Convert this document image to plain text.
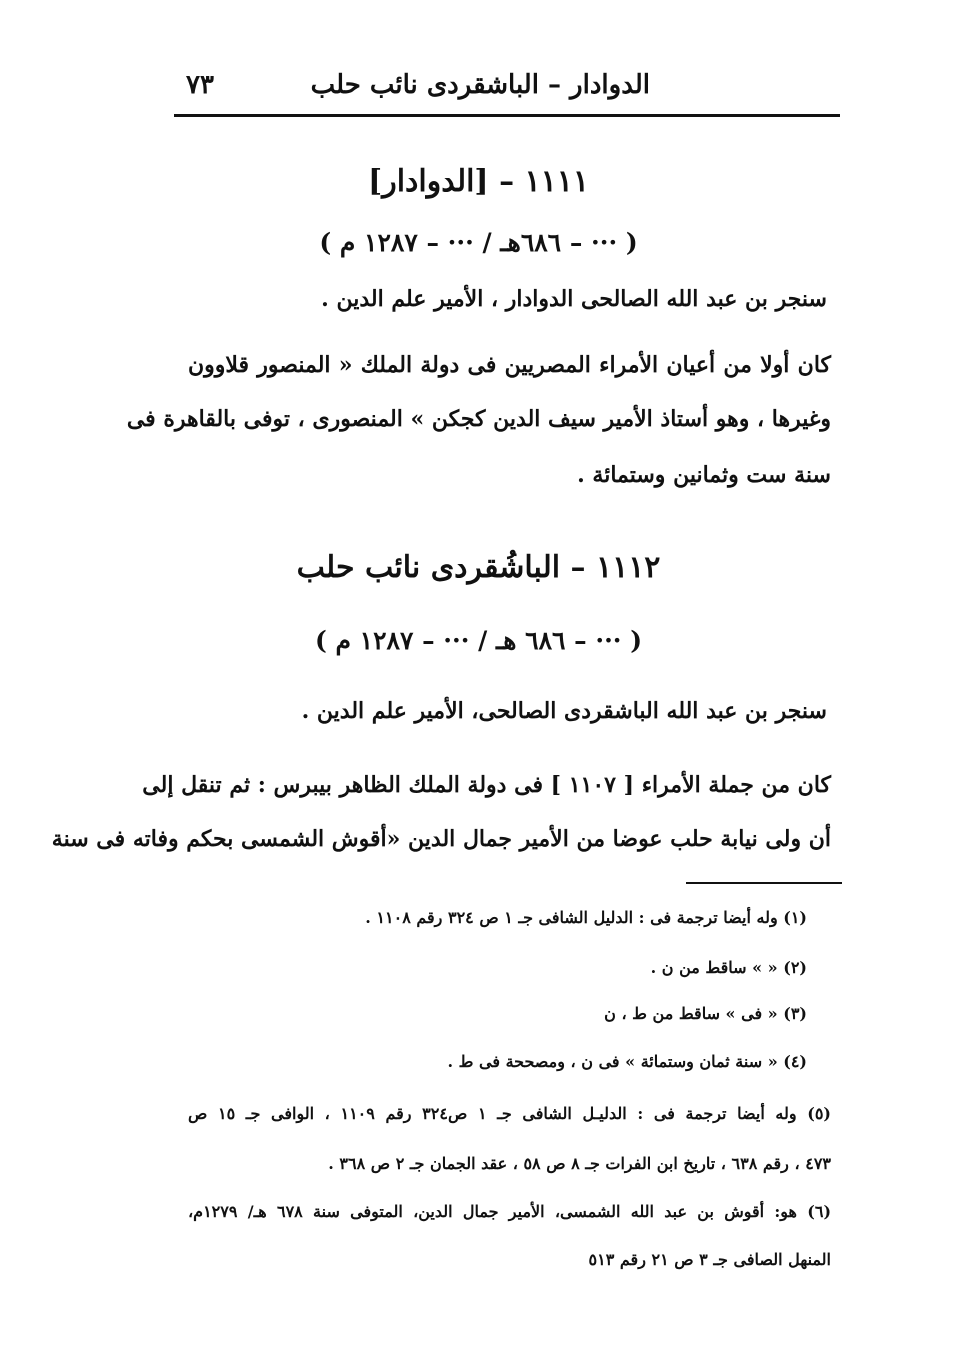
الدوادار – الباشقردى نائب حلب
٧٣
١١١١ – [الدوادار]
( ··· – ٦٨٦هـ / ··· – ١٢٨٧ م )
سنجر بن عبد الله الصالحى الدوادار ، الأمير علم الدين .
كان أولا من أعيان الأمراء المصريين فى دولة الملك « المنصور قلاوون
وغيرها ، وهو أستاذ الأمير سيف الدين كجكن » المنصورى ، توفى بالقاهرة فى
سنة ست وثمانين وستمائة .
١١١٢ – الباشُقردى نائب حلب
( ··· – ٦٨٦ هـ / ··· – ١٢٨٧ م )
سنجر بن عبد الله الباشقردى الصالحى، الأمير علم الدين .
كان من جملة الأمراء [ ١١٠٧ ] فى دولة الملك الظاهر بيبرس : ثم تنقل إلى
أن ولى نيابة حلب عوضا من الأمير جمال الدين «أقوش الشمسى بحكم وفاته فى سنة
(١) وله أيضا ترجمة فى : الدليل الشافى جـ ١ ص ٣٢٤ رقم ١١٠٨ .
(٢) « » ساقط من ن .
(٣) « فى » ساقط من ط ، ن
(٤) « سنة ثمان وستمائة » فى ن ، ومصححة فى ط .
(٥) وله أيضا ترجمة فى : الدليـل الشافى جـ ١ ص٣٢٤ رقم ١١٠٩ ، الوافى جـ ١٥ ص
٤٧٣ ، رقم ٦٣٨ ، تاريخ ابن الفرات جـ ٨ ص ٥٨ ، عقد الجمان جـ ٢ ص ٣٦٨ .
(٦) هو: أقوش بن عبد الله الشمسى، الأمير جمال الدين، المتوفى سنة ٦٧٨ هـ/ ١٢٧٩م،
المنهل الصافى جـ ٣ ص ٢١ رقم ٥١٣
